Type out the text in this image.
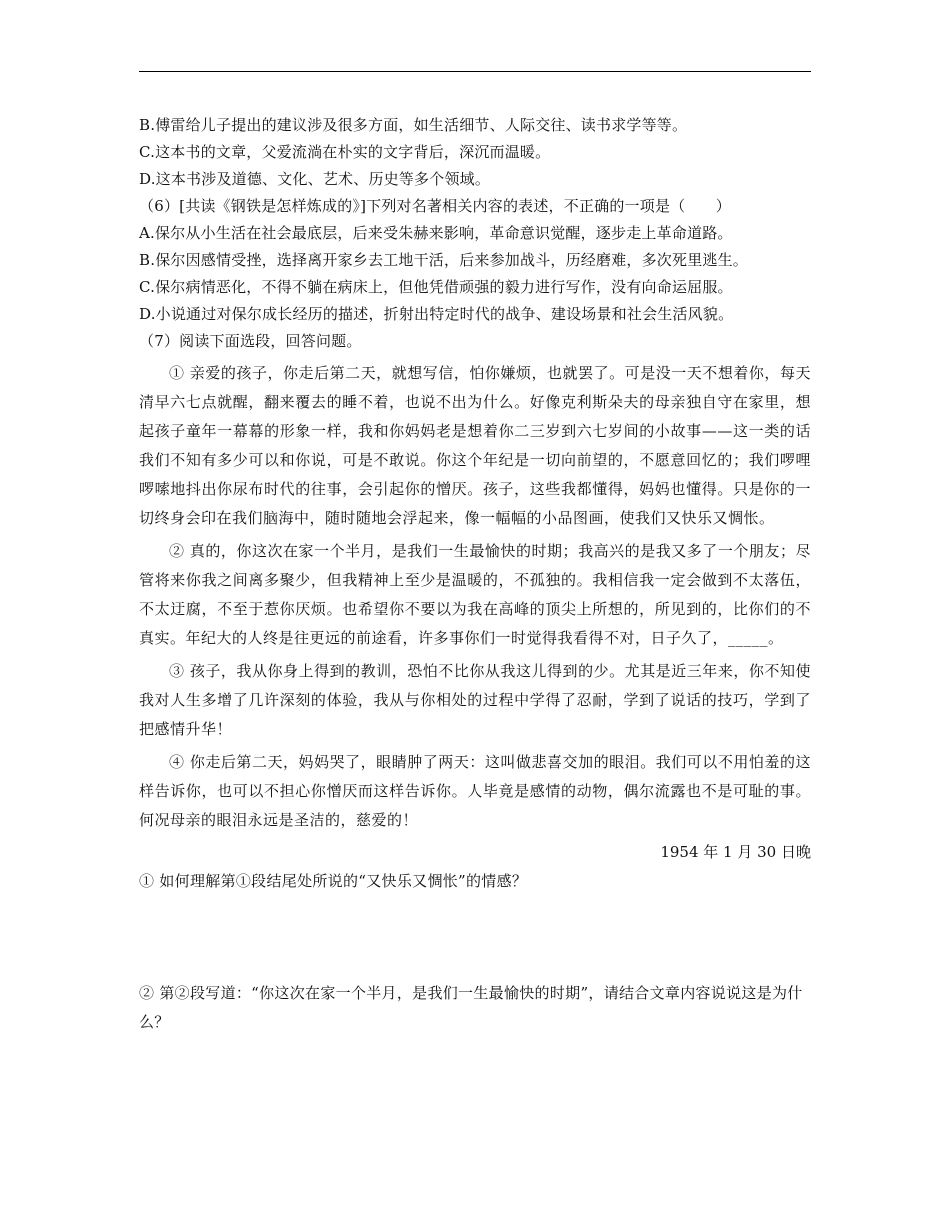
B.傅雷给儿子提出的建议涉及很多方面，如生活细节、人际交往、读书求学等等。
C.这本书的文章，父爱流淌在朴实的文字背后，深沉而温暖。
D.这本书涉及道德、文化、艺术、历史等多个领域。
（6）[共读《钢铁是怎样炼成的》]下列对名著相关内容的表述，不正确的一项是（　　）
A.保尔从小生活在社会最底层，后来受朱赫来影响，革命意识觉醒，逐步走上革命道路。
B.保尔因感情受挫，选择离开家乡去工地干活，后来参加战斗，历经磨难，多次死里逃生。
C.保尔病情恶化，不得不躺在病床上，但他凭借顽强的毅力进行写作，没有向命运屈服。
D.小说通过对保尔成长经历的描述，折射出特定时代的战争、建设场景和社会生活风貌。
（7）阅读下面选段，回答问题。

① 亲爱的孩子，你走后第二天，就想写信，怕你嫌烦，也就罢了。可是没一天不想着你，每天清早六七点就醒，翻来覆去的睡不着，也说不出为什么。好像克利斯朵夫的母亲独自守在家里，想起孩子童年一幕幕的形象一样，我和你妈妈老是想着你二三岁到六七岁间的小故事——这一类的话我们不知有多少可以和你说，可是不敢说。你这个年纪是一切向前望的，不愿意回忆的；我们啰哩啰嗦地抖出你尿布时代的往事，会引起你的憎厌。孩子，这些我都懂得，妈妈也懂得。只是你的一切终身会印在我们脑海中，随时随地会浮起来，像一幅幅的小品图画，使我们又快乐又惆怅。

② 真的，你这次在家一个半月，是我们一生最愉快的时期；我高兴的是我又多了一个朋友；尽管将来你我之间离多聚少，但我精神上至少是温暖的，不孤独的。我相信我一定会做到不太落伍，不太迂腐，不至于惹你厌烦。也希望你不要以为我在高峰的顶尖上所想的，所见到的，比你们的不真实。年纪大的人终是往更远的前途看，许多事你们一时觉得我看得不对，日子久了，_____。

③ 孩子，我从你身上得到的教训，恐怕不比你从我这儿得到的少。尤其是近三年来，你不知使我对人生多增了几许深刻的体验，我从与你相处的过程中学得了忍耐，学到了说话的技巧，学到了把感情升华！

④ 你走后第二天，妈妈哭了，眼睛肿了两天：这叫做悲喜交加的眼泪。我们可以不用怕羞的这样告诉你，也可以不担心你憎厌而这样告诉你。人毕竟是感情的动物，偶尔流露也不是可耻的事。何况母亲的眼泪永远是圣洁的，慈爱的！

1954 年 1 月 30 日晚
① 如何理解第①段结尾处所说的“又快乐又惆怅”的情感？
② 第②段写道：“你这次在家一个半月，是我们一生最愉快的时期”，请结合文章内容说说这是为什么？
